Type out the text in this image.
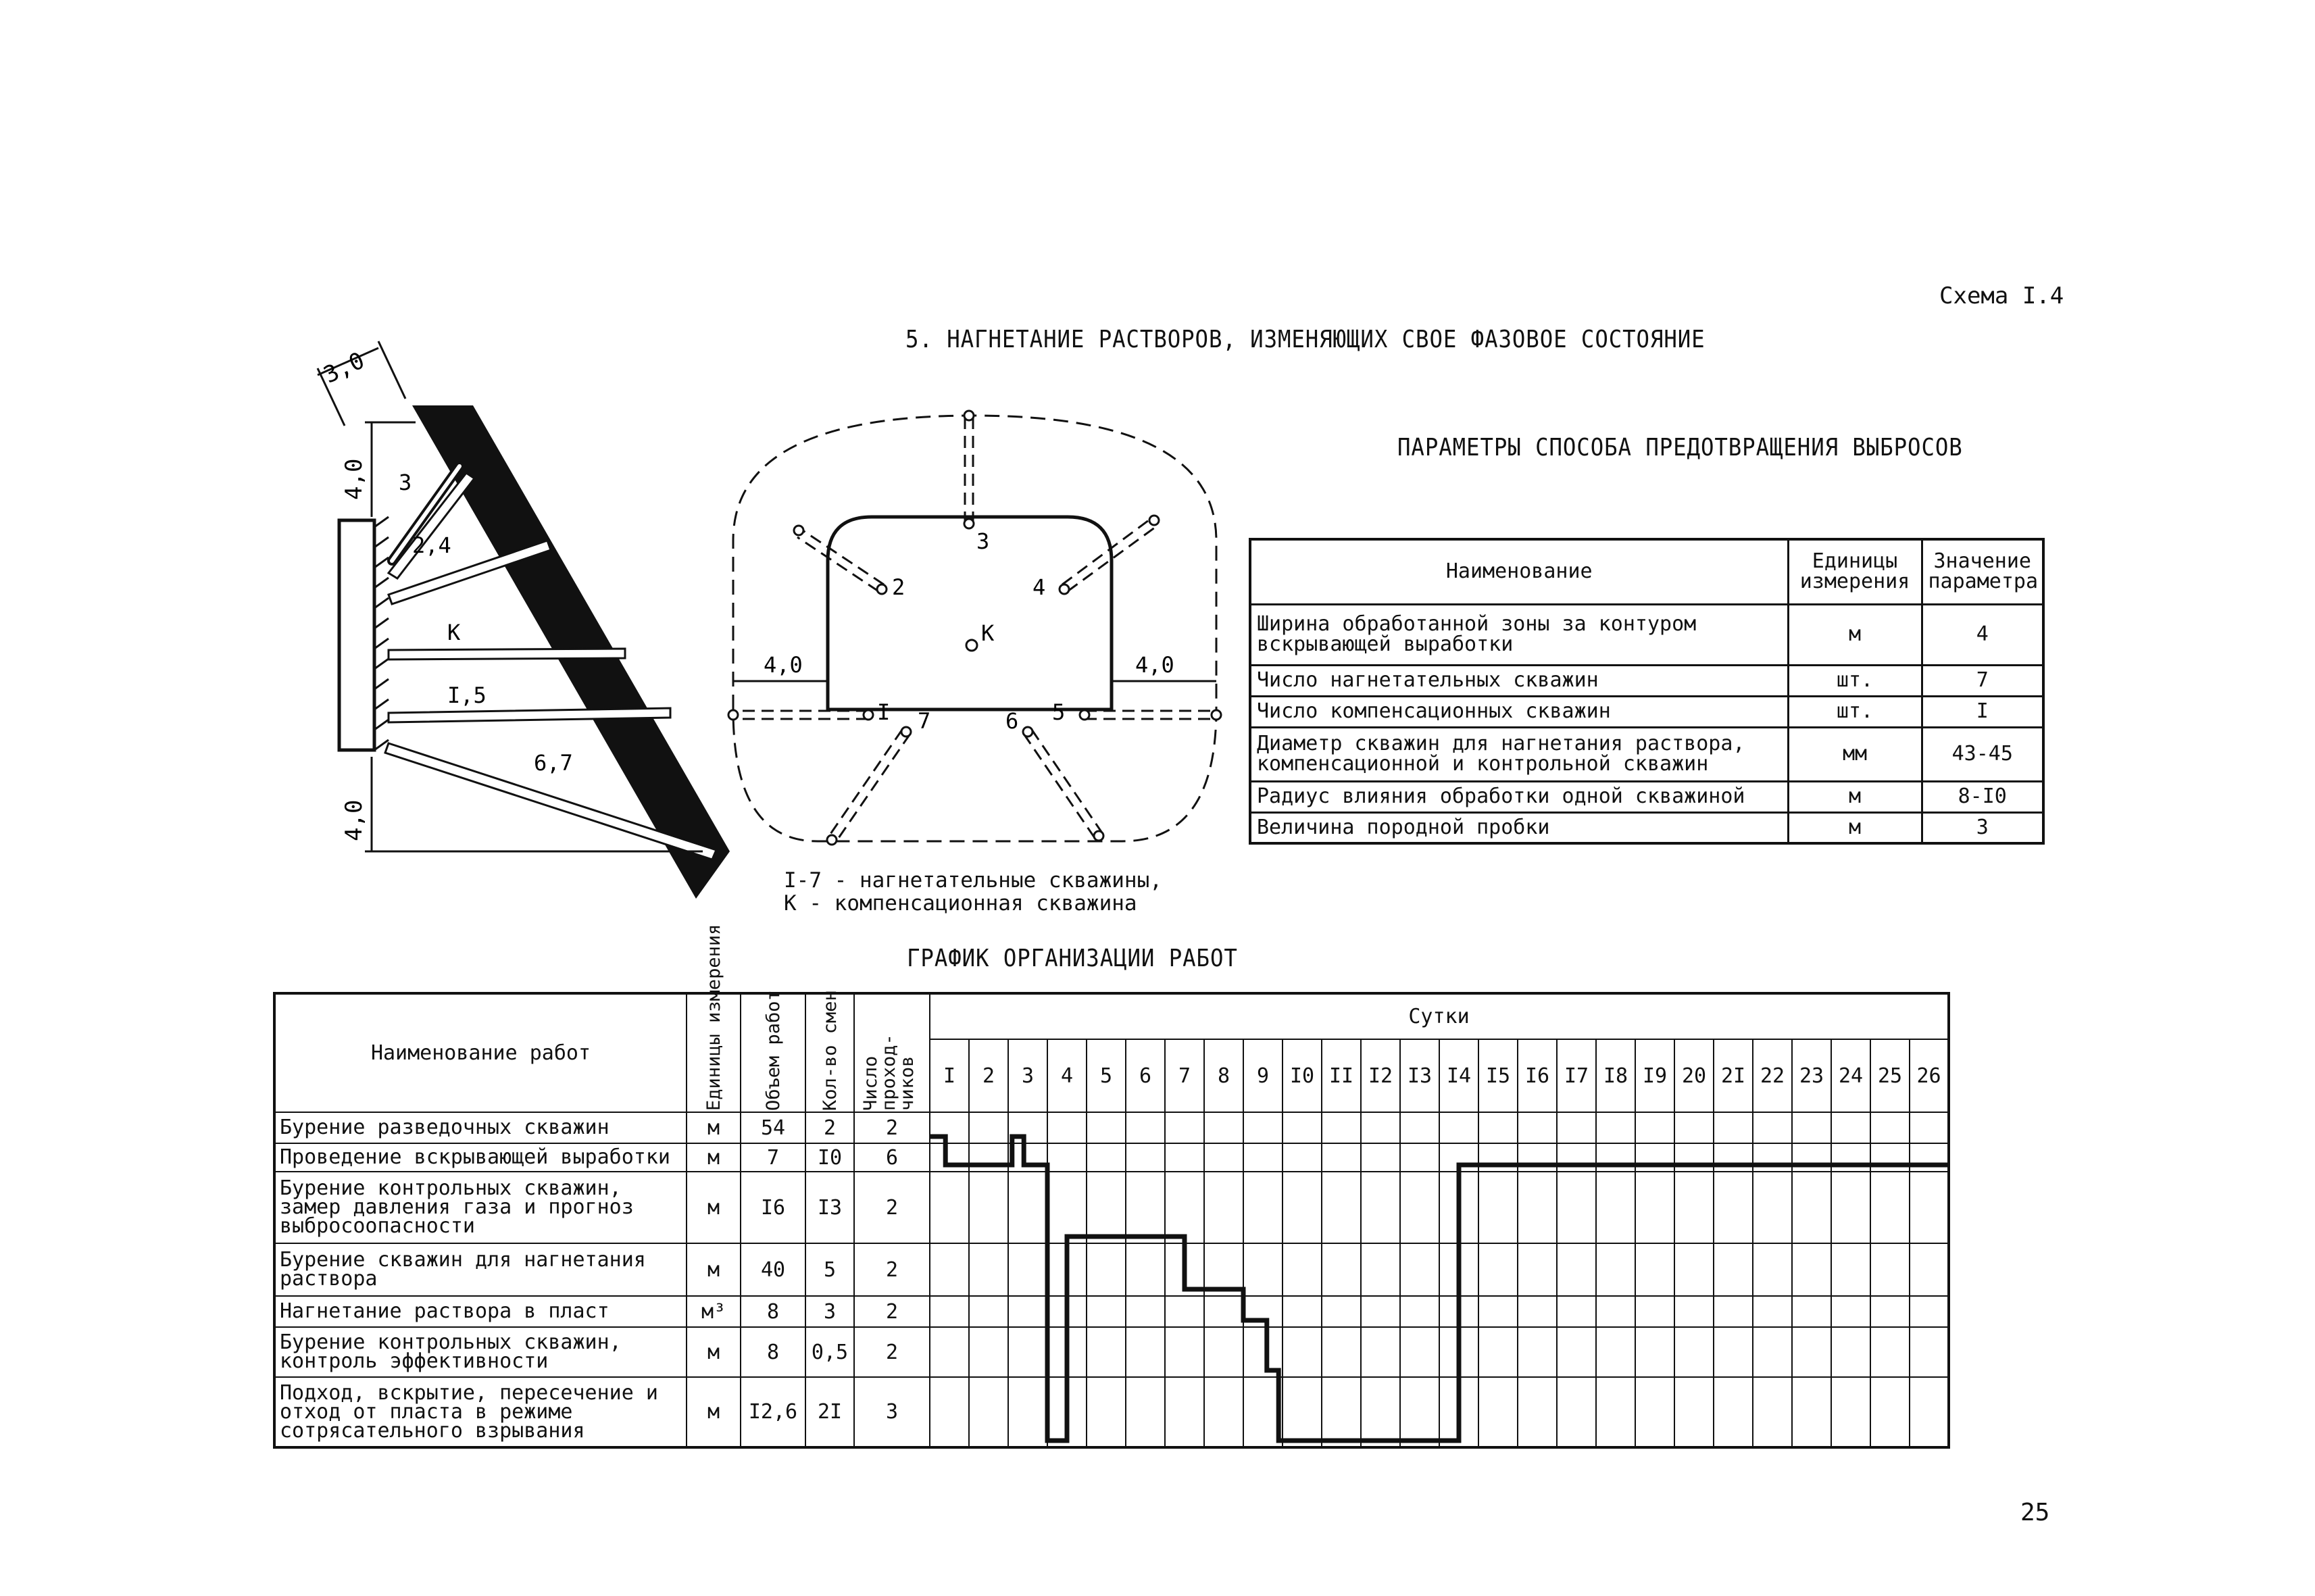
Схема I.4
5. НАГНЕТАНИЕ РАСТВОРОВ, ИЗМЕНЯЮЩИХ СВОЕ ФАЗОВОЕ СОСТОЯНИЕ
ПАРАМЕТРЫ СПОСОБА ПРЕДОТВРАЩЕНИЯ ВЫБРОСОВ
ГРАФИК ОРГАНИЗАЦИИ РАБОТ
25
3,0
4,0
4,0
3
2,4
К
I,5
6,7
4,0	4,0
I
2
3
4
5
6
7
К
I-7 - нагнетательные скважины,
К - компенсационная скважина
Наименование	Единицы измерения	Значение параметра
Ширина обработанной зоны за контуром вскрывающей выработки	м	4
Число нагнетательных скважин	шт.	7
Число компенсационных скважин	шт.	I
Диаметр скважин для нагнетания раствора, компенсационной и контрольной скважин	мм	43-45
Радиус влияния обработки одной скважиной	м	8-I0
Величина породной пробки	м	3
Наименование работ	Единицы измерения	Объем работ	Кол-во смен	Число проход- чиков	Сутки																									
					I	2	3	4	5	6	7	8	9	I0	II	I2	I3	I4	I5	I6	I7	I8	I9	20	2I	22	23	24	25	26
Бурение разведочных скважин	м	54	2	2																										
Проведение вскрывающей выработки	м	7	I0	6																										
Бурение контрольных скважин, замер давления газа и прогноз выбросоопасности	м	I6	I3	2																										
Бурение скважин для нагнетания раствора	м	40	5	2																										
Нагнетание раствора в пласт	м³	8	3	2																										
Бурение контрольных скважин, контроль эффективности	м	8	0,5	2																										
Подход, вскрытие, пересечение и отход от пласта в режиме сотрясательного взрывания	м	I2,6	2I	3																										
